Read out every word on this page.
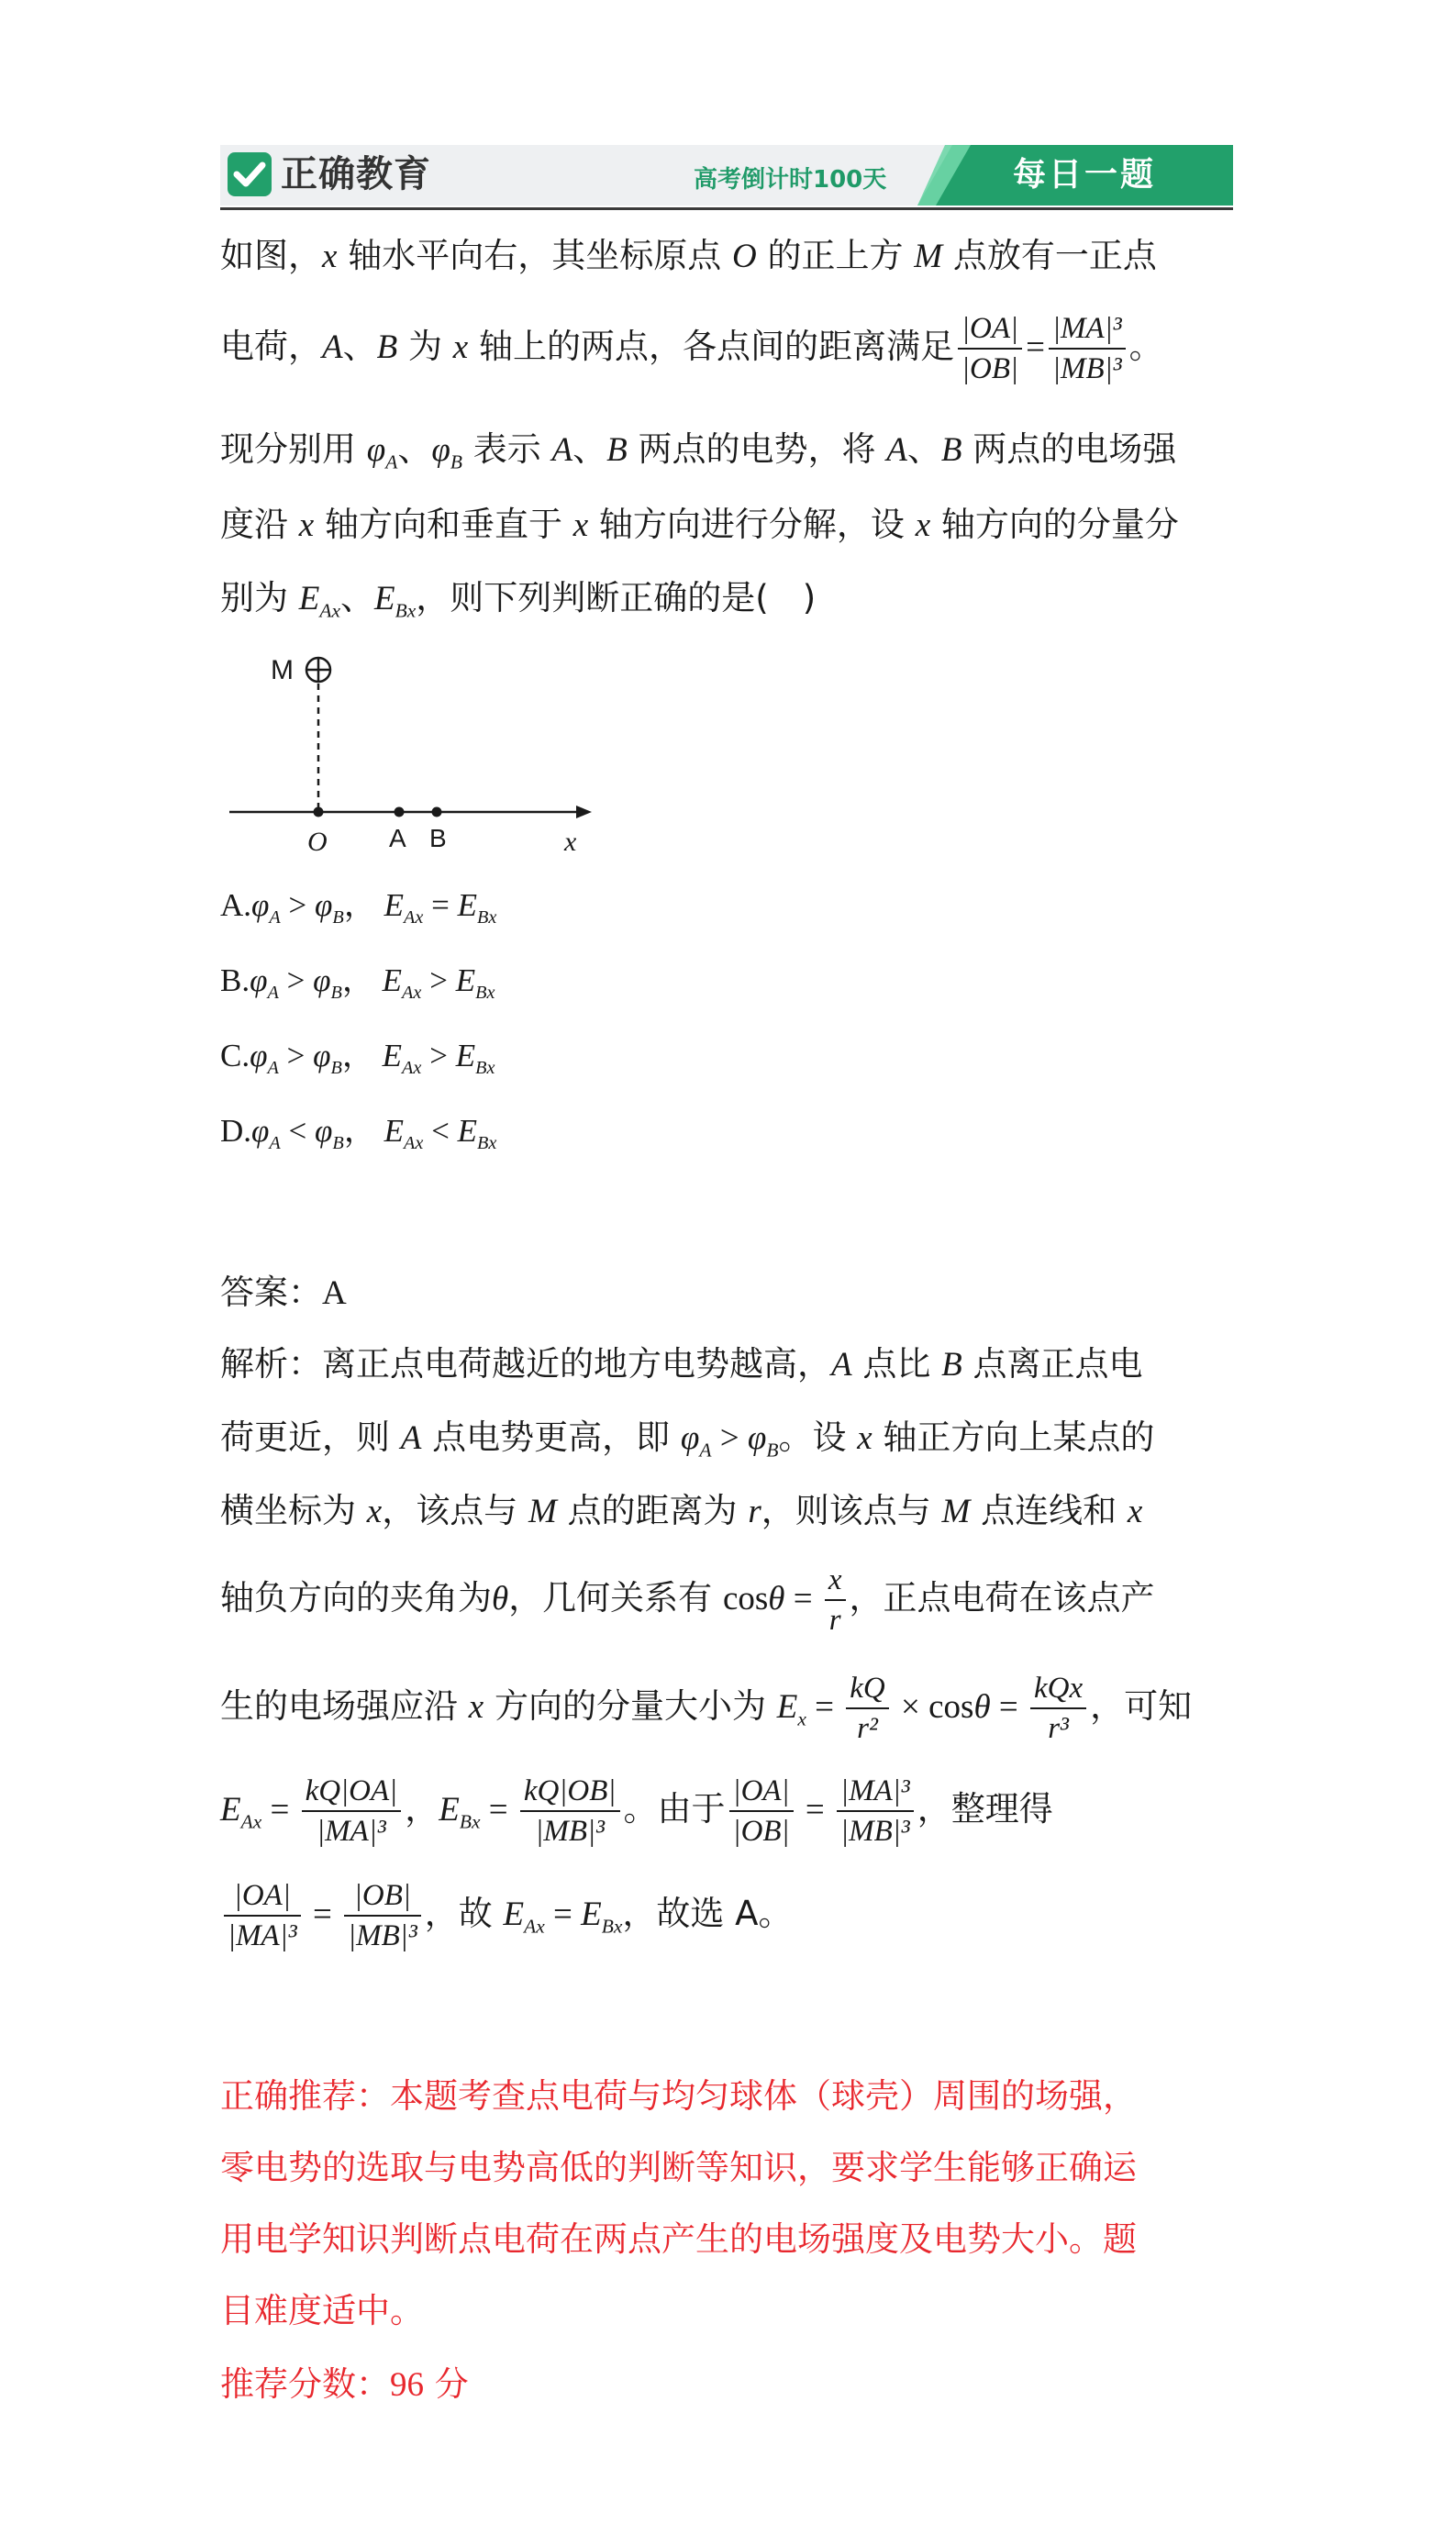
正确教育	高考倒计时100天	每日一题
如图，x 轴水平向右，其坐标原点 O 的正上方 M 点放有一正点
电荷，A、B 为 x 轴上的两点，各点间的距离满足 $\frac{|OA|}{|OB|} = \frac{\text{|MA|³}}{\text{|MB|³}}$ 。
现分别用 $\varphi_A$、$\varphi_B$ 表示 A、B 两点的电势，将 A、B 两点的电场强
度沿 x 轴方向和垂直于 x 轴方向进行分解，设 x 轴方向的分量分
别为 $E_{Ax}$、$E_{Bx}$，则下列判断正确的是(　 )
M
O A B	x
$A.\varphi_A > \varphi_B$， $E_{Ax} = E_{Bx}$
$B.\varphi_A > \varphi_B$， $E_{Ax} > E_{Bx}$
$C.\varphi_A > \varphi_B$， $E_{Ax} > E_{Bx}$
$D.\varphi_A < \varphi_B$， $E_{Ax} < E_{Bx}$
答案：A
解析：离正点电荷越近的地方电势越高，A 点比 B 点离正点电
荷更近，则 A 点电势更高，即 $\varphi_A > \varphi_B$。设 x 轴正方向上某点的
横坐标为 x，该点与 M 点的距离为 r，则该点与 M 点连线和 x
轴负方向的夹角为θ，几何关系有 $\cos\theta = \frac{x}{r}$ ，正点电荷在该点产
生的电场强应沿 x 方向的分量大小为 $E_x = \frac{kQ}{\text{r²}} \times \cos\theta = \frac{\text{kQx}}{\text{r³}}$ ，可知
$E_{Ax} = \frac{kQ|OA|}{\text{|MA|³}}$ ，$E_{Bx} = \frac{kQ|OB|}{\text{|MB|³}}$ 。由于 $\frac{|OA|}{|OB|} = \frac{\text{|MA|³}}{\text{|MB|³}}$ ，整理得
$\frac{|OA|}{\text{|MA|³}} = \frac{|OB|}{\text{|MB|³}}$ ，故 $E_{Ax} = E_{Bx}$，故选 A。
正确推荐：本题考查点电荷与均匀球体（球壳）周围的场强，
零电势的选取与电势高低的判断等知识，要求学生能够正确运
用电学知识判断点电荷在两点产生的电场强度及电势大小。题
目难度适中。
推荐分数：96 分
